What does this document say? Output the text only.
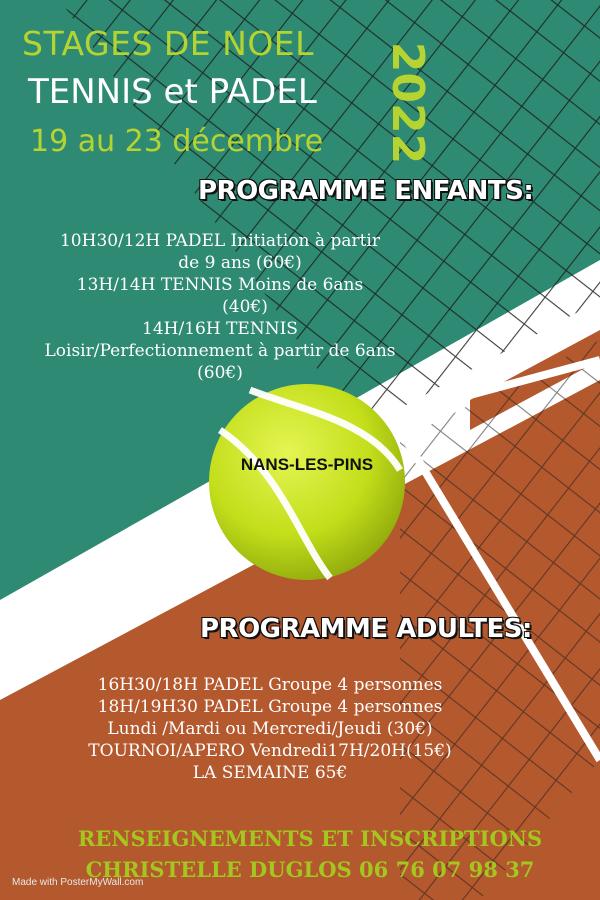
STAGES DE NOEL
TENNIS et PADEL
19 au 23 décembre	2022
PROGRAMME ENFANTS:
10H30/12H PADEL Initiation à partir
de 9 ans (60€)
13H/14H TENNIS Moins de 6ans
(40€)
14H/16H TENNIS
Loisir/Perfectionnement à partir de 6ans
(60€)
NANS-LES-PINS
PROGRAMME ADULTES:
16H30/18H PADEL Groupe 4 personnes
18H/19H30 PADEL Groupe 4 personnes
Lundi /Mardi ou Mercredi/Jeudi (30€)
TOURNOI/APERO Vendredi17H/20H(15€)
LA SEMAINE 65€
RENSEIGNEMENTS ET INSCRIPTIONS
CHRISTELLE DUGLOS 06 76 07 98 37
Made with PosterMyWall.com
